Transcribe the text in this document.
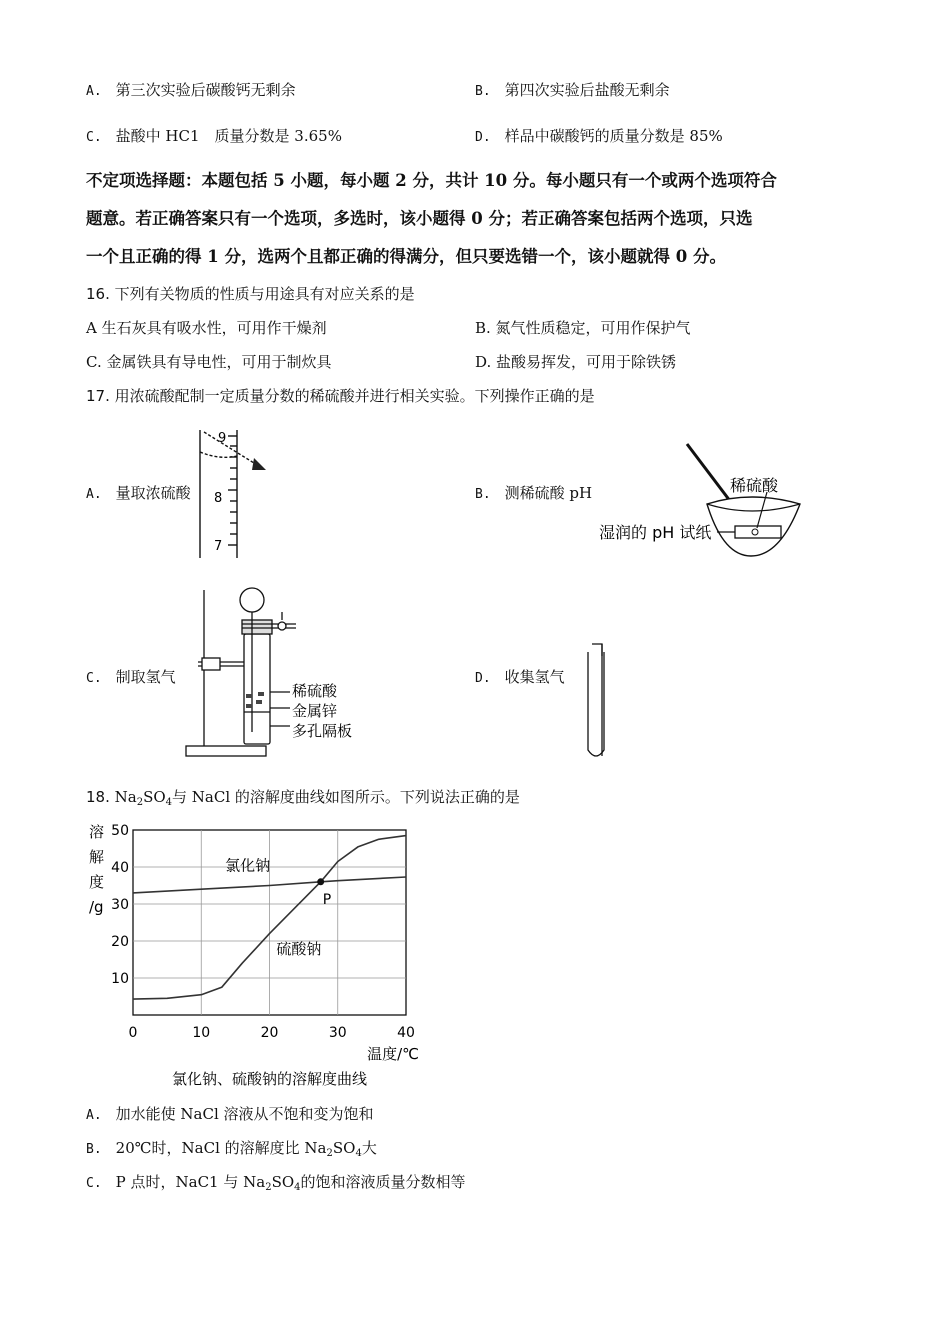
A. 第三次实验后碳酸钙无剩余	B. 第四次实验后盐酸无剩余
C. 盐酸中 HC1　质量分数是 3.65%	D. 样品中碳酸钙的质量分数是 85%
不定项选择题：本题包括 5 小题，每小题 2 分，共计 10 分。每小题只有一个或两个选项符合
题意。若正确答案只有一个选项，多选时，该小题得 0 分；若正确答案包括两个选项，只选
一个且正确的得 1 分，选两个且都正确的得满分，但只要选错一个，该小题就得 0 分。
16. 下列有关物质的性质与用途具有对应关系的是
A 生石灰具有吸水性，可用作干燥剂	B. 氮气性质稳定，可用作保护气
C. 金属铁具有导电性，可用于制炊具	D. 盐酸易挥发，可用于除铁锈
17. 用浓硫酸配制一定质量分数的稀硫酸并进行相关实验。下列操作正确的是
A. 量取浓硫酸	B. 测稀硫酸 pH
C. 制取氢气	D. 收集氢气
9
8
7
稀硫酸
湿润的 pH 试纸
稀硫酸
金属锌
多孔隔板
18. $Na_2SO_4$与 NaCl 的溶解度曲线如图所示。下列说法正确的是
0	10	20	30	40
10
20
30
40
50
溶
解
度
/g
温度/℃
氯化钠
硫酸钠
P
氯化钠、硫酸钠的溶解度曲线
A. 加水能使 NaCl 溶液从不饱和变为饱和
B. 20℃时，NaCl 的溶解度比 $Na_2SO_4$大
C. P 点时，NaC1 与 $Na_2SO_4$的饱和溶液质量分数相等
